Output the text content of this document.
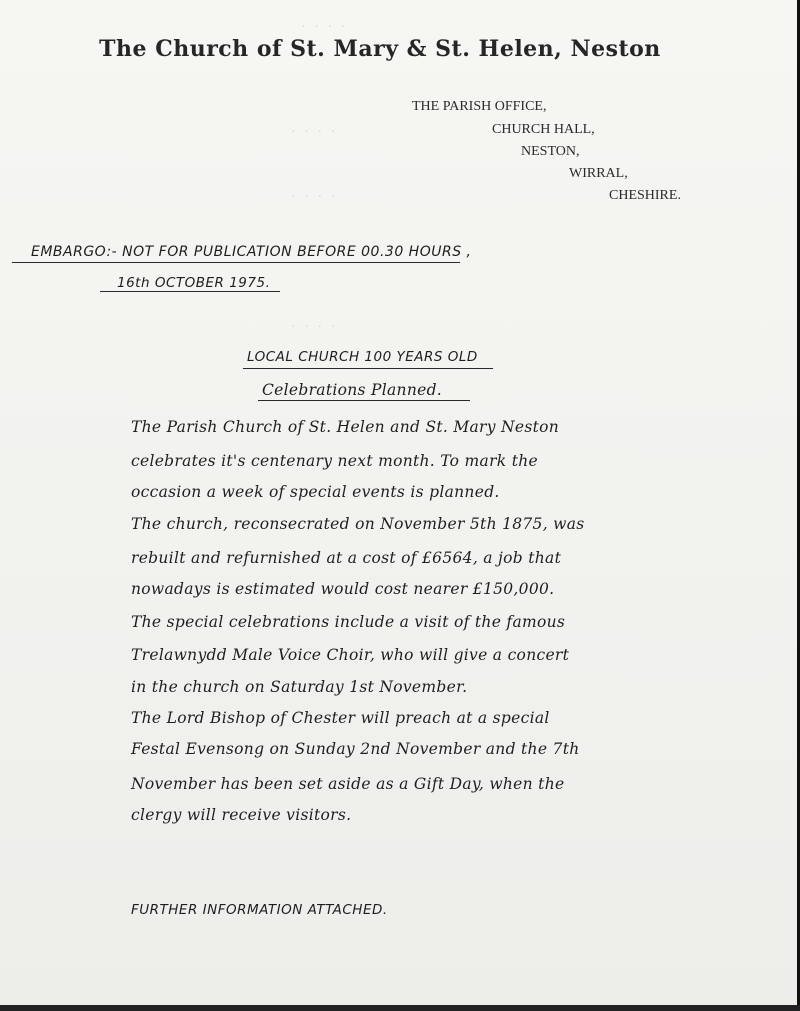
The Church of St. Mary & St. Helen, Neston
THE PARISH OFFICE,
CHURCH HALL,
NESTON,
WIRRAL,
CHESHIRE.
· · · ·
· · · ·
· · · ·
· · · ·
EMBARGO:- NOT FOR PUBLICATION BEFORE 00.30 HOURS ,
16th OCTOBER 1975.
LOCAL CHURCH 100 YEARS OLD
Celebrations Planned.
The Parish Church of St. Helen and St. Mary Neston
celebrates it's centenary next month. To mark the
occasion a week of special events is planned.
The church, reconsecrated on November 5th 1875, was
rebuilt and refurnished at a cost of £6564, a job that
nowadays is estimated would cost nearer £150,000.
The special celebrations include a visit of the famous
Trelawnydd Male Voice Choir, who will give a concert
in the church on Saturday 1st November.
The Lord Bishop of Chester will preach at a special
Festal Evensong on Sunday 2nd November and the 7th
November has been set aside as a Gift Day, when the
clergy will receive visitors.
FURTHER INFORMATION ATTACHED.
